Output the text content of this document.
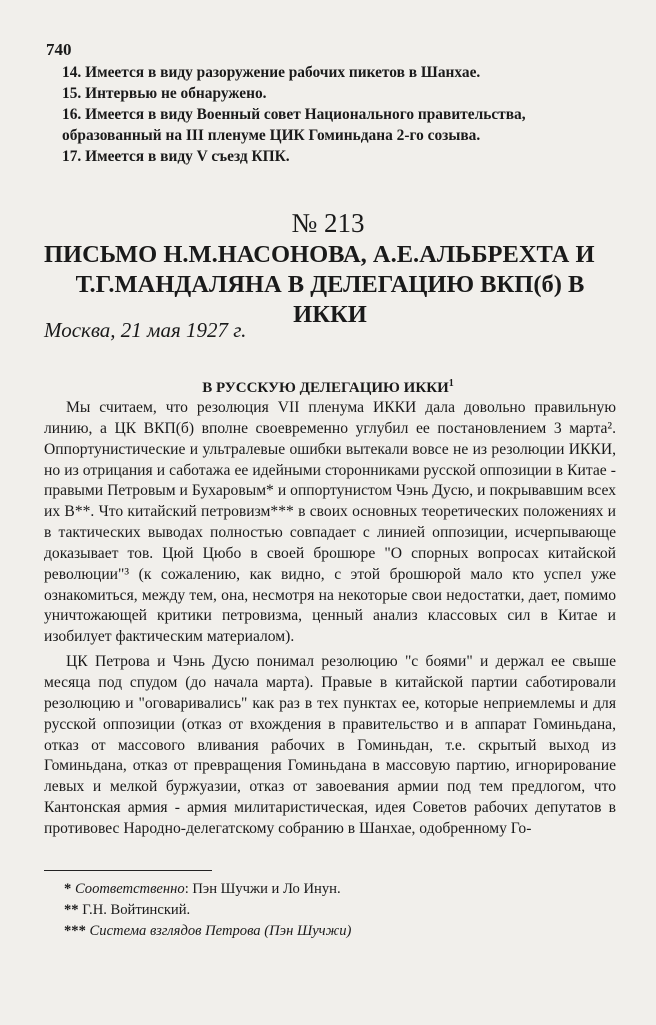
740

14. Имеется в виду разоружение рабочих пикетов в Шанхае.

15. Интервью не обнаружено.

16. Имеется в виду Военный совет Национального правительства, образованный на III пленуме ЦИК Гоминьдана 2-го созыва.

17. Имеется в виду V съезд КПК.

№ 213
ПИСЬМО Н.М.НАСОНОВА, А.Е.АЛЬБРЕХТА И
Т.Г.МАНДАЛЯНА В ДЕЛЕГАЦИЮ ВКП(б) В ИККИ
Москва, 21 мая 1927 г.
В РУССКУЮ ДЕЛЕГАЦИЮ ИККИ$^1$

Мы считаем, что резолюция VII пленума ИККИ дала довольно правильную линию, а ЦК ВКП(б) вполне своевременно углубил ее постановлением 3 марта². Оппортунистические и ультралевые ошибки вытекали вовсе не из резолюции ИККИ, но из отрицания и саботажа ее идейными сторонниками русской оппозиции в Китае - правыми Петровым и Бухаровым* и оппортунистом Чэнь Дусю, и покрывавшим всех их В**. Что китайский петровизм*** в своих основных теоретических положениях и в тактических выводах полностью совпадает с линией оппозиции, исчерпывающе доказывает тов. Цюй Цюбо в своей брошюре "О спорных вопросах китайской революции"³ (к сожалению, как видно, с этой брошюрой мало кто успел уже ознакомиться, между тем, она, несмотря на некоторые свои недостатки, дает, помимо уничтожающей критики петровизма, ценный анализ классовых сил в Китае и изобилует фактическим материалом).

ЦК Петрова и Чэнь Дусю понимал резолюцию "с боями" и держал ее свыше месяца под спудом (до начала марта). Правые в китайской партии саботировали резолюцию и "оговаривались" как раз в тех пунктах ее, которые неприемлемы и для русской оппозиции (отказ от вхождения в правительство и в аппарат Гоминьдана, отказ от массового вливания рабочих в Гоминьдан, т.е. скрытый выход из Гоминьдана, отказ от превращения Гоминьдана в массовую партию, игнорирование левых и мелкой буржуазии, отказ от завоевания армии под тем предлогом, что Кантонская армия - армия милитаристическая, идея Советов рабочих депутатов в противовес Народно-делегатскому собранию в Шанхае, одобренному Го-

* Соответственно: Пэн Шучжи и Ло Инун.
** Г.Н. Войтинский.
*** Система взглядов Петрова (Пэн Шучжи)
